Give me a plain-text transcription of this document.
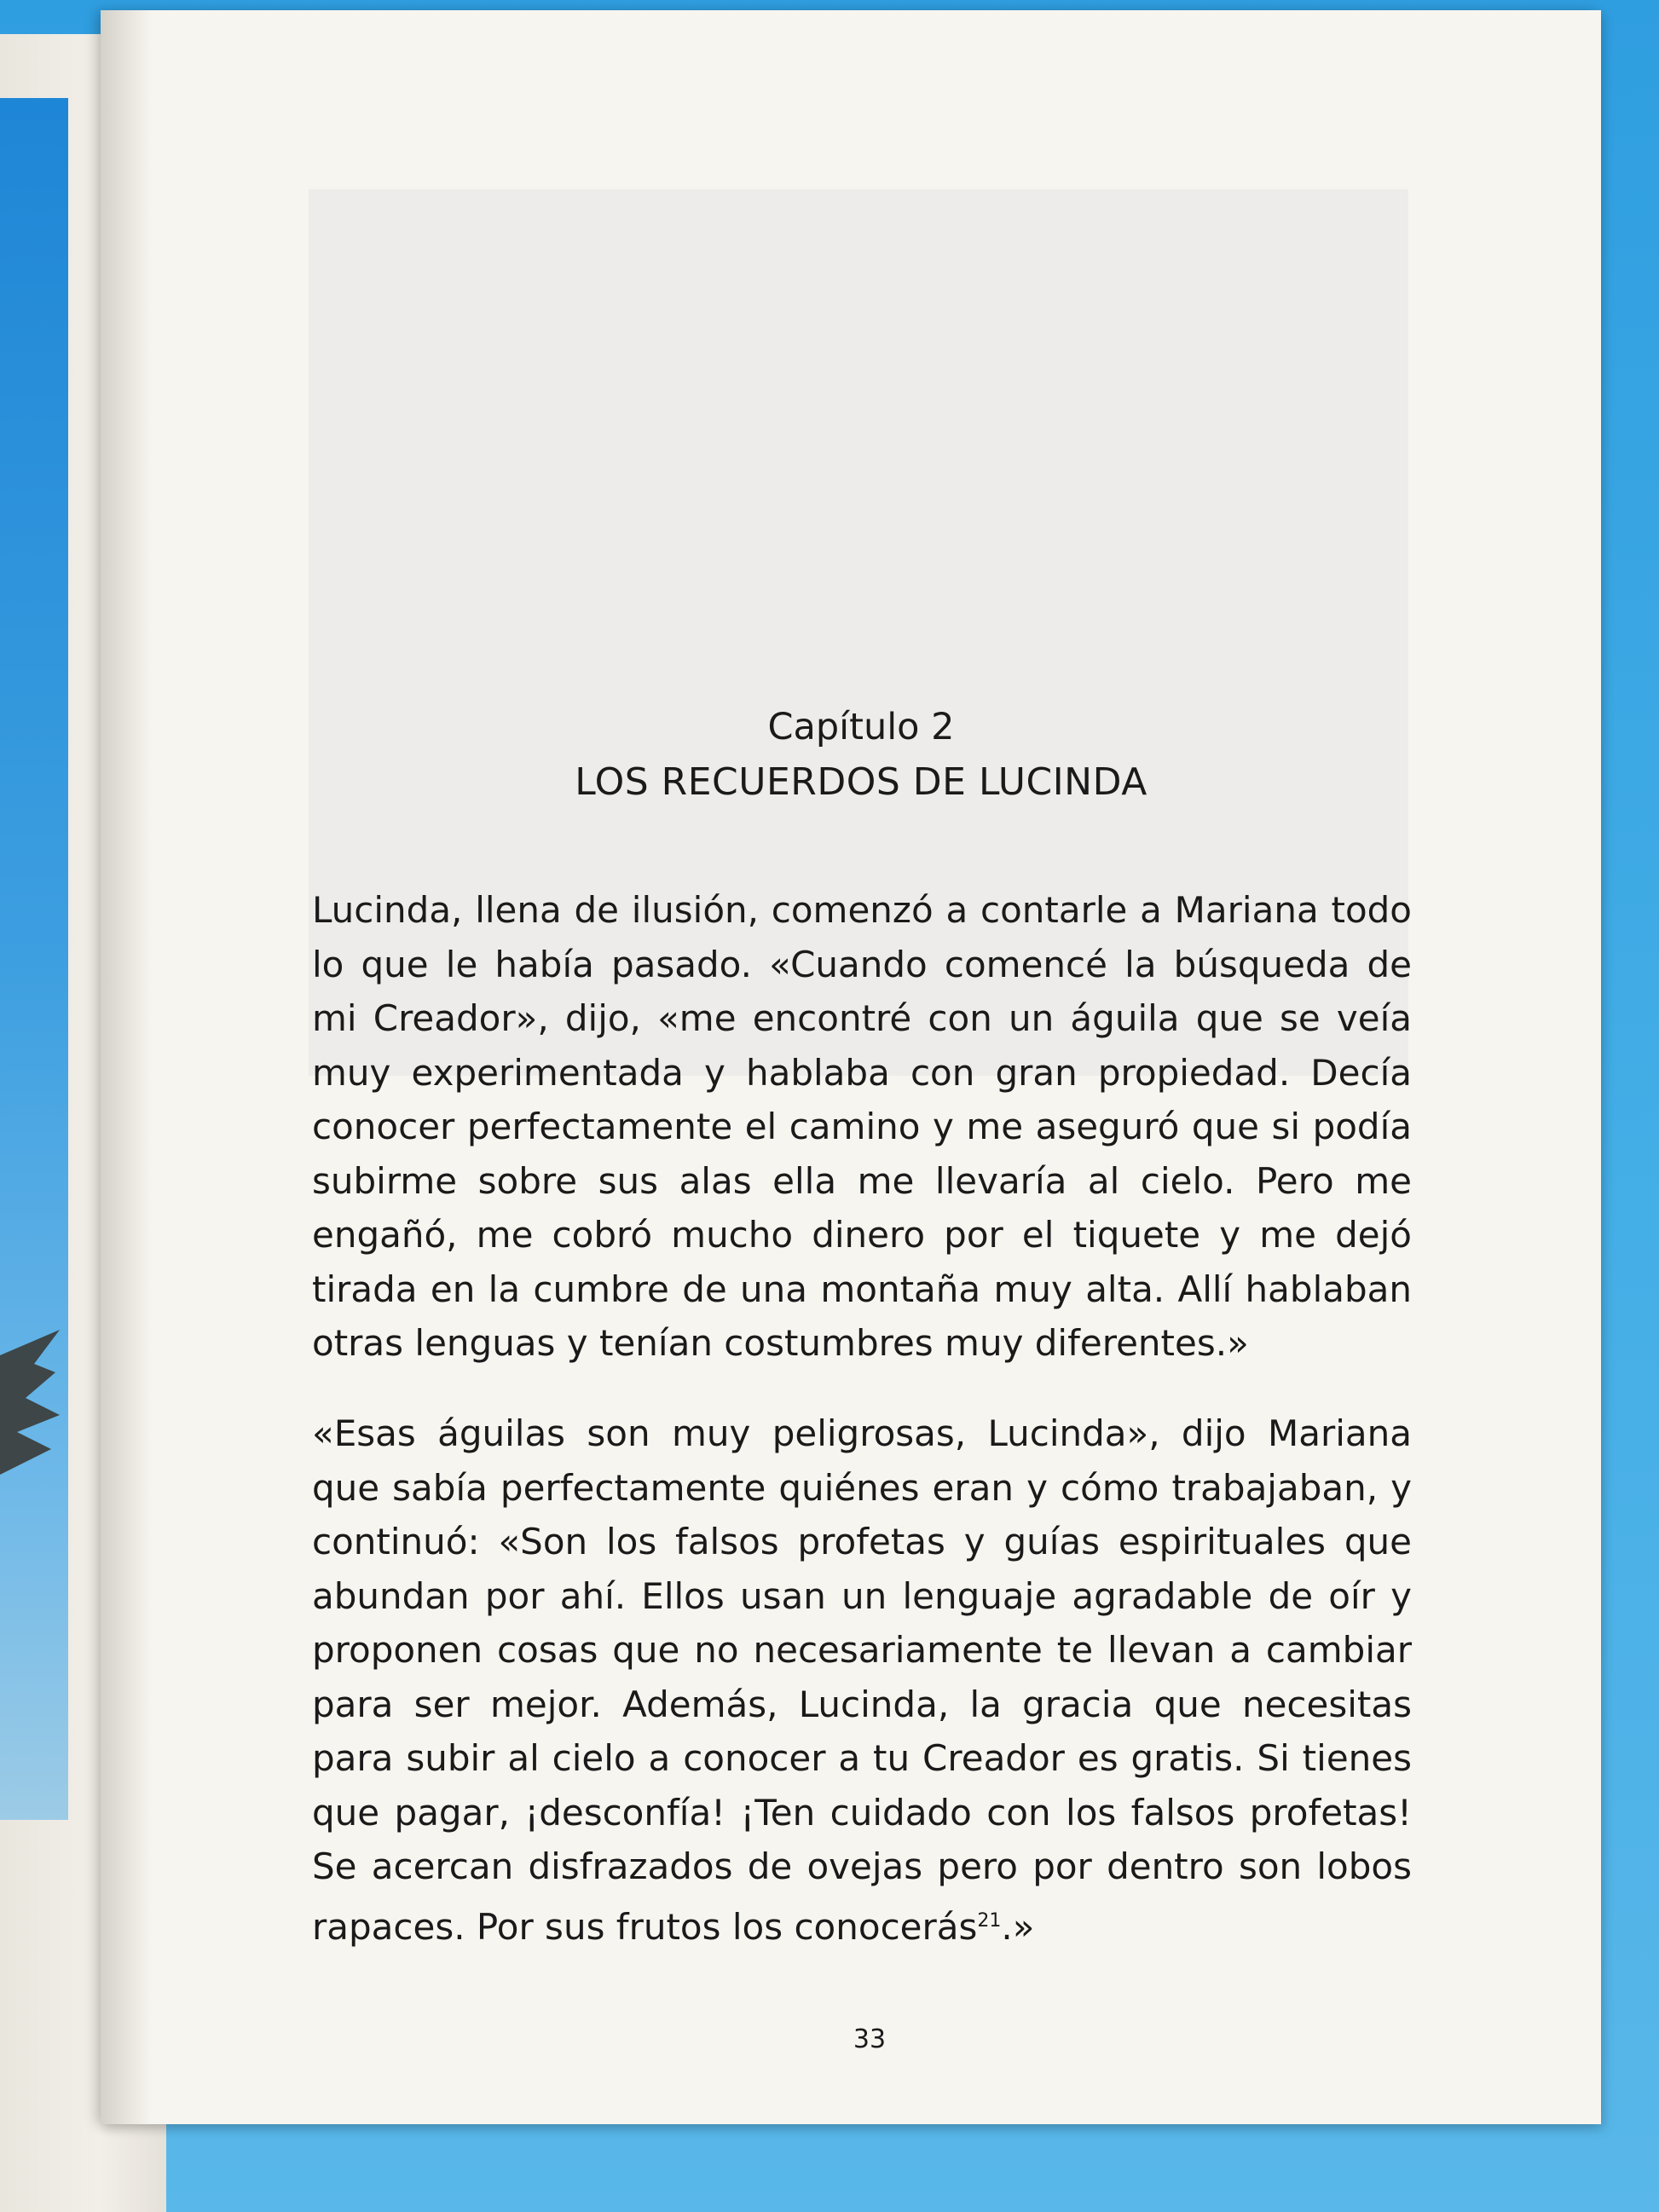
Capítulo 2
LOS RECUERDOS DE LUCINDA

Lucinda, llena de ilusión, comenzó a contarle a Mariana todo lo que le había pasado. «Cuando comencé la búsqueda de mi Creador», dijo, «me encontré con un águila que se veía muy experimentada y hablaba con gran propiedad. Decía conocer perfectamente el camino y me aseguró que si podía subirme sobre sus alas ella me llevaría al cielo. Pero me engañó, me cobró mucho dinero por el tiquete y me dejó tirada en la cumbre de una montaña muy alta. Allí hablaban otras lenguas y tenían costumbres muy diferentes.»

«Esas águilas son muy peligrosas, Lucinda», dijo Mariana que sabía perfectamente quiénes eran y cómo trabajaban, y continuó: «Son los falsos profetas y guías espirituales que abundan por ahí. Ellos usan un lenguaje agradable de oír y proponen cosas que no necesariamente te llevan a cambiar para ser mejor. Además, Lucinda, la gracia que necesitas para subir al cielo a conocer a tu Creador es gratis. Si tienes que pagar, ¡desconfía! ¡Ten cuidado con los falsos profetas! Se acercan disfrazados de ovejas pero por dentro son lobos rapaces. Por sus frutos los conocerás$^{21}$.»

33
